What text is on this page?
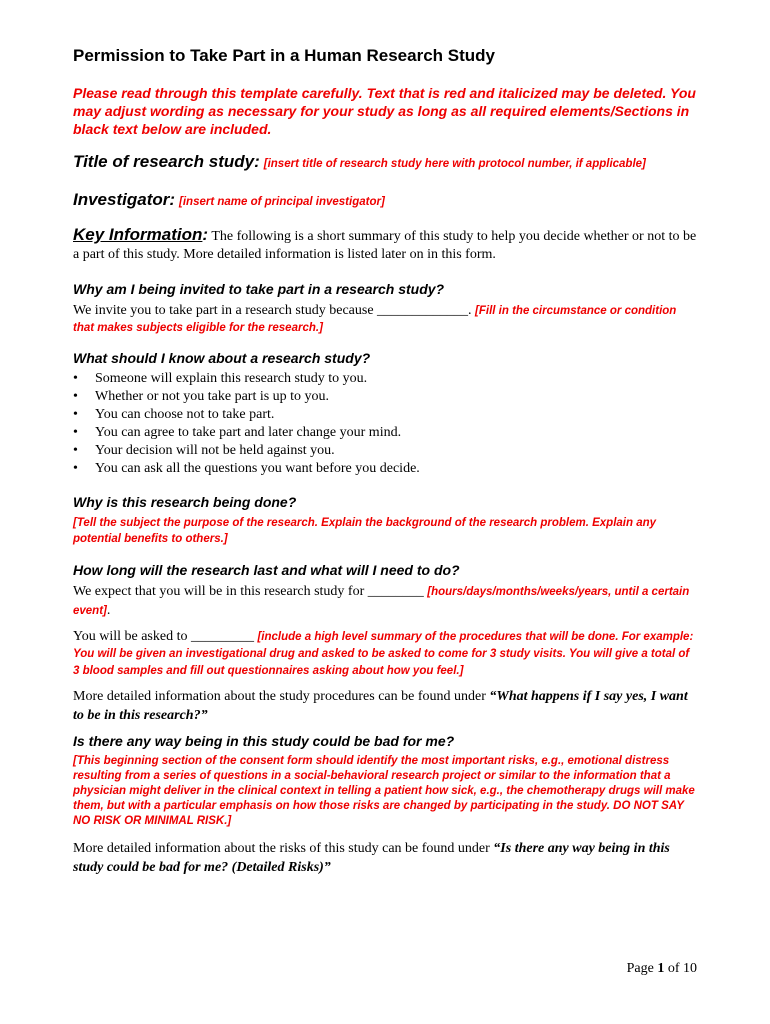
Permission to Take Part in a Human Research Study
Please read through this template carefully. Text that is red and italicized may be deleted. You may adjust wording as necessary for your study as long as all required elements/Sections in black text below are included.
Title of research study: [insert title of research study here with protocol number, if applicable]
Investigator: [insert name of principal investigator]
Key Information: The following is a short summary of this study to help you decide whether or not to be a part of this study. More detailed information is listed later on in this form.
Why am I being invited to take part in a research study?
We invite you to take part in a research study because _____________. [Fill in the circumstance or condition that makes subjects eligible for the research.]
What should I know about a research study?
• Someone will explain this research study to you.
• Whether or not you take part is up to you.
• You can choose not to take part.
• You can agree to take part and later change your mind.
• Your decision will not be held against you.
• You can ask all the questions you want before you decide.
Why is this research being done?
[Tell the subject the purpose of the research. Explain the background of the research problem. Explain any potential benefits to others.]
How long will the research last and what will I need to do?
We expect that you will be in this research study for ________ [hours/days/months/weeks/years, until a certain event].
You will be asked to _________ [include a high level summary of the procedures that will be done. For example: You will be given an investigational drug and asked to be asked to come for 3 study visits. You will give a total of 3 blood samples and fill out questionnaires asking about how you feel.]
More detailed information about the study procedures can be found under “What happens if I say yes, I want to be in this research?”
Is there any way being in this study could be bad for me?
[This beginning section of the consent form should identify the most important risks, e.g., emotional distress resulting from a series of questions in a social-behavioral research project or similar to the information that a physician might deliver in the clinical context in telling a patient how sick, e.g., the chemotherapy drugs will make them, but with a particular emphasis on how those risks are changed by participating in the study. DO NOT SAY NO RISK OR MINIMAL RISK.]
More detailed information about the risks of this study can be found under “Is there any way being in this study could be bad for me? (Detailed Risks)”
Page 1 of 10
